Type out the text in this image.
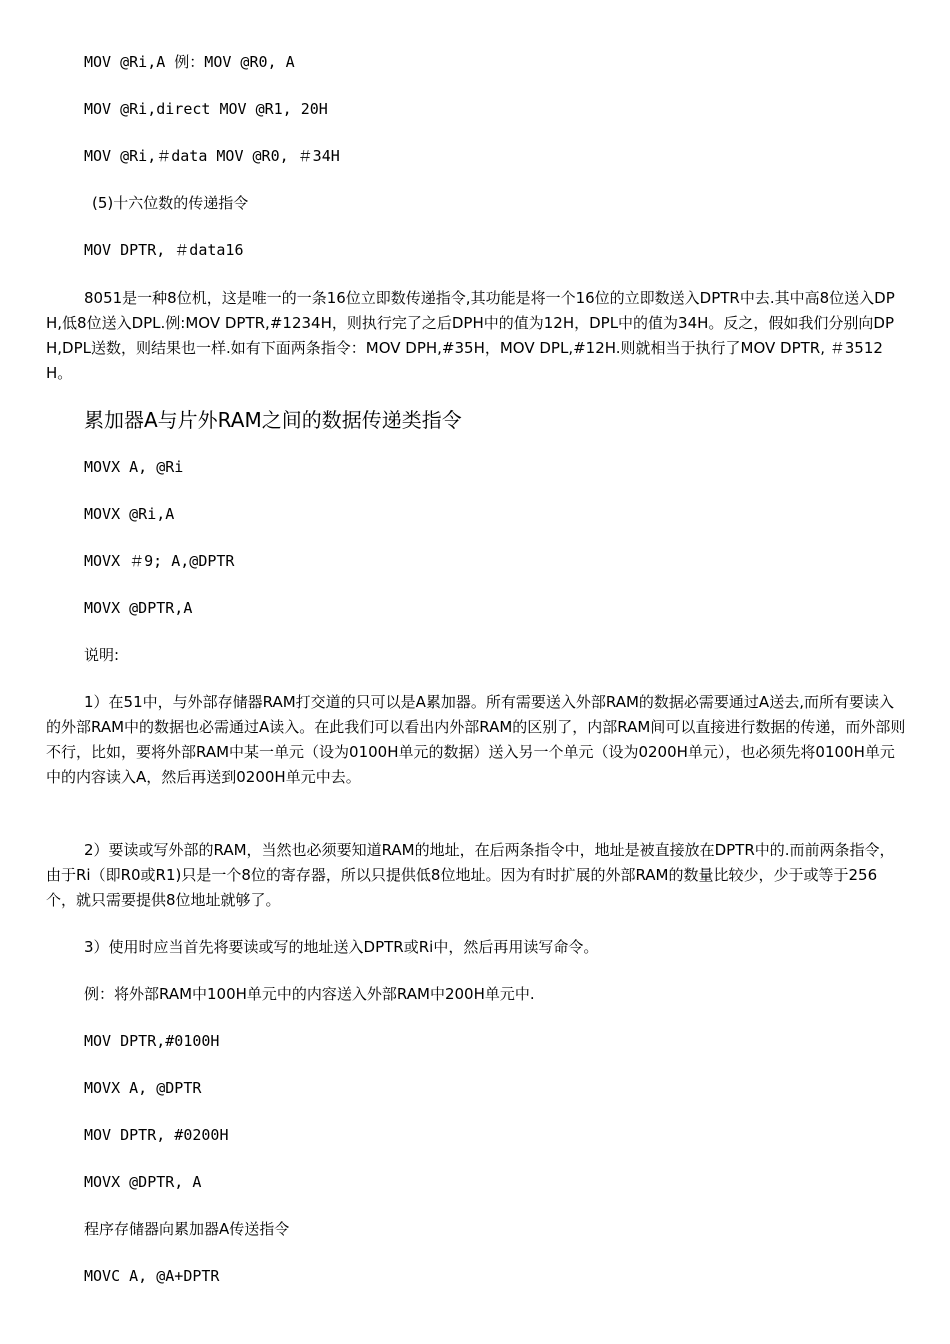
MOV @Ri,A 例：MOV @R0, A
MOV @Ri,direct MOV @R1, 20H
MOV @Ri,＃data MOV @R0, ＃34H
(5)十六位数的传递指令
MOV DPTR, ＃data16
8051是一种8位机，这是唯一的一条16位立即数传递指令,其功能是将一个16位的立即数送入DPTR中去.其中高8位送入DPH,低8位送入DPL.例:MOV DPTR,#1234H，则执行完了之后DPH中的值为12H，DPL中的值为34H。反之，假如我们分别向DPH,DPL送数，则结果也一样.如有下面两条指令：MOV DPH,#35H，MOV DPL,#12H.则就相当于执行了MOV DPTR, ＃3512H。
累加器A与片外RAM之间的数据传递类指令
MOVX A, @Ri
MOVX @Ri,A
MOVX ＃9; A,@DPTR
MOVX @DPTR,A
说明:
1）在51中，与外部存储器RAM打交道的只可以是A累加器。所有需要送入外部RAM的数据必需要通过A送去,而所有要读入的外部RAM中的数据也必需通过A读入。在此我们可以看出内外部RAM的区别了，内部RAM间可以直接进行数据的传递，而外部则不行，比如，要将外部RAM中某一单元（设为0100H单元的数据）送入另一个单元（设为0200H单元），也必须先将0100H单元中的内容读入A，然后再送到0200H单元中去。
2）要读或写外部的RAM，当然也必须要知道RAM的地址，在后两条指令中，地址是被直接放在DPTR中的.而前两条指令，由于Ri（即R0或R1)只是一个8位的寄存器，所以只提供低8位地址。因为有时扩展的外部RAM的数量比较少，少于或等于256个，就只需要提供8位地址就够了。
3）使用时应当首先将要读或写的地址送入DPTR或Ri中，然后再用读写命令。
例：将外部RAM中100H单元中的内容送入外部RAM中200H单元中.
MOV DPTR,#0100H
MOVX A, @DPTR
MOV DPTR, #0200H
MOVX @DPTR, A
程序存储器向累加器A传送指令
MOVC A, @A+DPTR
